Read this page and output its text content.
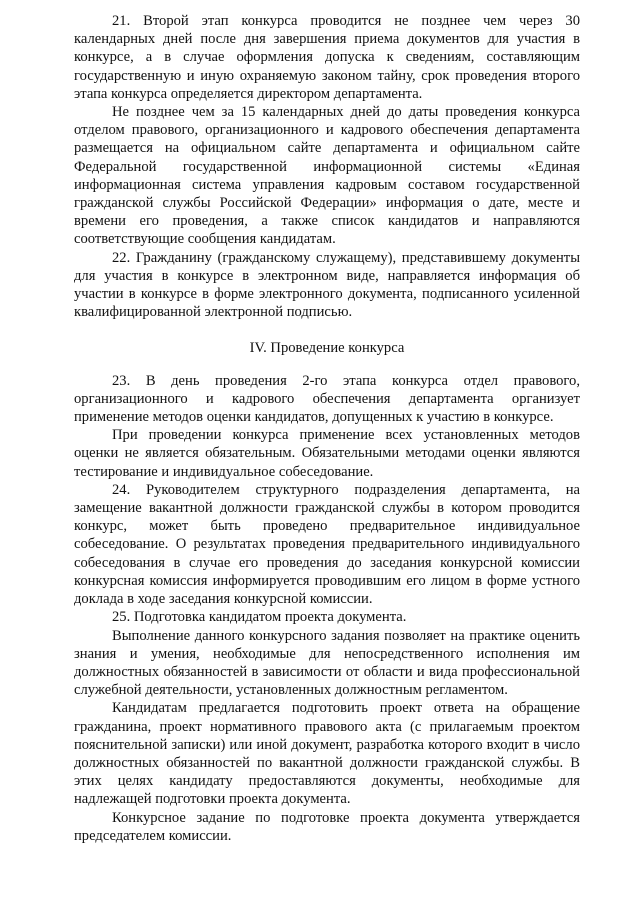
21. Второй этап конкурса проводится не позднее чем через 30 календарных дней после дня завершения приема документов для участия в конкурсе, а в случае оформления допуска к сведениям, составляющим государственную и иную охраняемую законом тайну, срок проведения второго этапа конкурса определяется директором департамента.

Не позднее чем за 15 календарных дней до даты проведения конкурса отделом правового, организационного и кадрового обеспечения департамента размещается на официальном сайте департамента и официальном сайте Федеральной государственной информационной системы «Единая информационная система управления кадровым составом государственной гражданской службы Российской Федерации» информация о дате, месте и времени его проведения, а также список кандидатов и направляются соответствующие сообщения кандидатам.

22. Гражданину (гражданскому служащему), представившему документы для участия в конкурсе в электронном виде, направляется информация об участии в конкурсе в форме электронного документа, подписанного усиленной квалифицированной электронной подписью.

IV. Проведение конкурса

23. В день проведения 2-го этапа конкурса отдел правового, организационного и кадрового обеспечения департамента организует применение методов оценки кандидатов, допущенных к участию в конкурсе.

При проведении конкурса применение всех установленных методов оценки не является обязательным. Обязательными методами оценки являются тестирование и индивидуальное собеседование.

24. Руководителем структурного подразделения департамента, на замещение вакантной должности гражданской службы в котором проводится конкурс, может быть проведено предварительное индивидуальное собеседование. О результатах проведения предварительного индивидуального собеседования в случае его проведения до заседания конкурсной комиссии конкурсная комиссия информируется проводившим его лицом в форме устного доклада в ходе заседания конкурсной комиссии.

25. Подготовка кандидатом проекта документа.

Выполнение данного конкурсного задания позволяет на практике оценить знания и умения, необходимые для непосредственного исполнения им должностных обязанностей в зависимости от области и вида профессиональной служебной деятельности, установленных должностным регламентом.

Кандидатам предлагается подготовить проект ответа на обращение гражданина, проект нормативного правового акта (с прилагаемым проектом пояснительной записки) или иной документ, разработка которого входит в число должностных обязанностей по вакантной должности гражданской службы. В этих целях кандидату предоставляются документы, необходимые для надлежащей подготовки проекта документа.

Конкурсное задание по подготовке проекта документа утверждается председателем комиссии.
